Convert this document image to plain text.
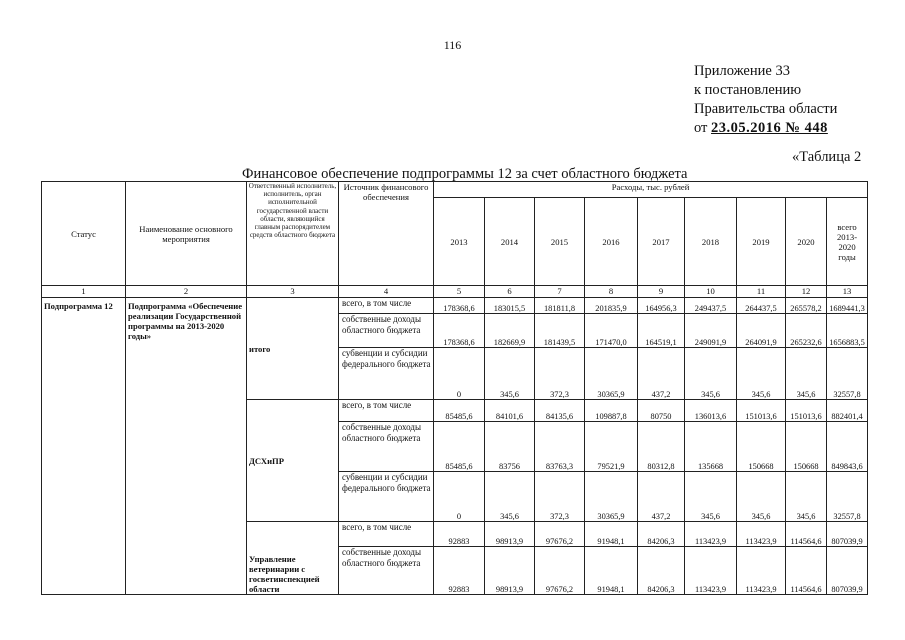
116
Приложение 33
к постановлению
Правительства области
от 23.05.2016 № 448
«Таблица 2
Финансовое обеспечение подпрограммы 12 за счет областного бюджета
Статус	Наименование основного мероприятия	Ответственный исполнитель, исполнитель, орган исполнительной государственной власти области, являющийся главным распорядителем средств областного бюджета	Источник финансового обеспечения	Расходы, тыс. рублей								
				2013	2014	2015	2016	2017	2018	2019	2020	всего 2013-2020 годы
1	2	3	4	5	6	7	8	9	10	11	12	13
Подпрограмма 12	Подпрограмма «Обеспечение реализации Государственной программы на 2013-2020 годы»	итого	всего, в том числе	178368,6	183015,5	181811,8	201835,9	164956,3	249437,5	264437,5	265578,2	1689441,3
			собственные доходы областного бюджета	178368,6	182669,9	181439,5	171470,0	164519,1	249091,9	264091,9	265232,6	1656883,5
			субвенции и субсидии федерального бюджета	0	345,6	372,3	30365,9	437,2	345,6	345,6	345,6	32557,8
		ДСХиПР	всего, в том числе	85485,6	84101,6	84135,6	109887,8	80750	136013,6	151013,6	151013,6	882401,4
			собственные доходы областного бюджета	85485,6	83756	83763,3	79521,9	80312,8	135668	150668	150668	849843,6
			субвенции и субсидии федерального бюджета	0	345,6	372,3	30365,9	437,2	345,6	345,6	345,6	32557,8
		Управление ветеринарии с госветинспекцией области	всего, в том числе	92883	98913,9	97676,2	91948,1	84206,3	113423,9	113423,9	114564,6	807039,9
			собственные доходы областного бюджета	92883	98913,9	97676,2	91948,1	84206,3	113423,9	113423,9	114564,6	807039,9
